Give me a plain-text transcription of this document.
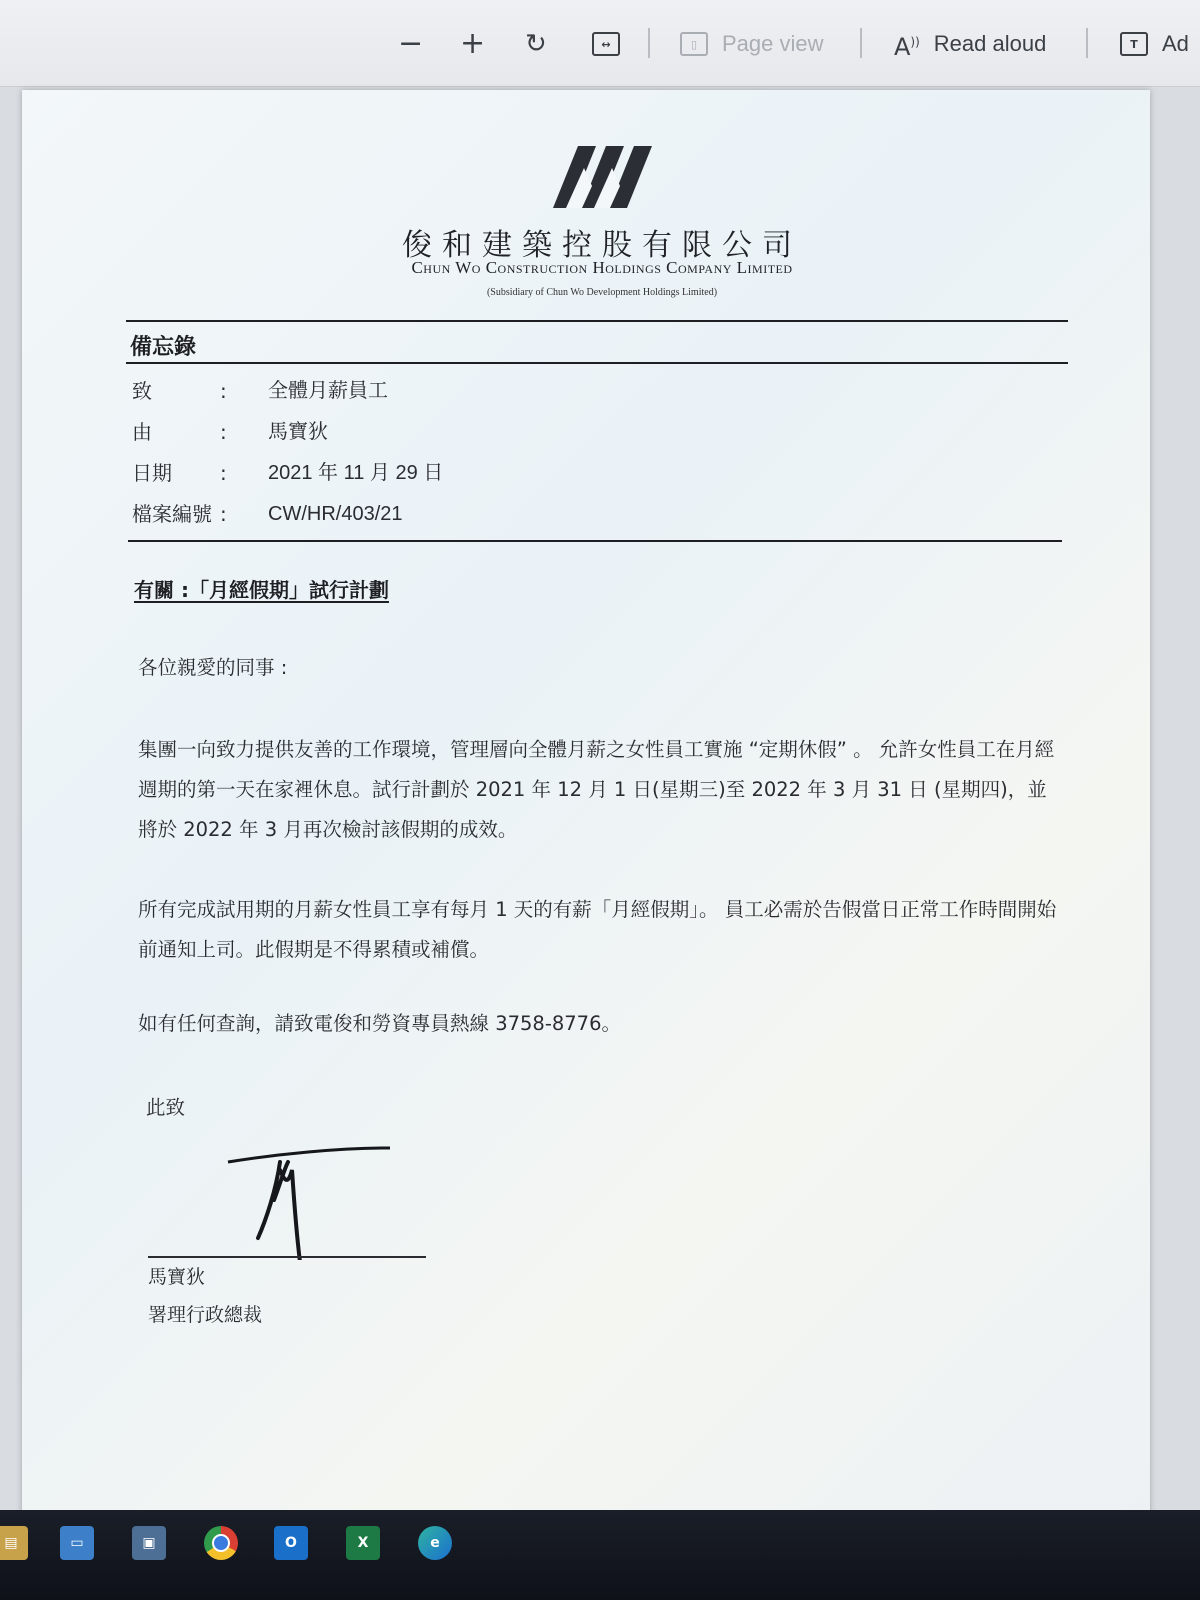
− + ↻	↔	▯	Page view	A)) Read aloud	T	Ad
俊和建築控股有限公司
Chun Wo Construction Holdings Company Limited
(Subsidiary of Chun Wo Development Holdings Limited)
備忘錄
致	: 全體月薪員工
由	: 馬寶狄
日期 : 2021 年 11 月 29 日
檔案編號 : CW/HR/403/21
有關 :「月經假期」試行計劃
各位親愛的同事 :
集團一向致力提供友善的工作環境，管理層向全體月薪之女性員工實施 “定期休假” 。 允許女性員工在月經週期的第一天在家裡休息。試行計劃於 2021 年 12 月 1 日(星期三)至 2022 年 3 月 31 日 (星期四)，並將於 2022 年 3 月再次檢討該假期的成效。
所有完成試用期的月薪女性員工享有每月 1 天的有薪「月經假期」。 員工必需於告假當日正常工作時間開始前通知上司。此假期是不得累積或補償。
如有任何查詢，請致電俊和勞資專員熱線 3758-8776。
此致
馬寶狄
署理行政總裁
▤	▭	▣	O	X	e
